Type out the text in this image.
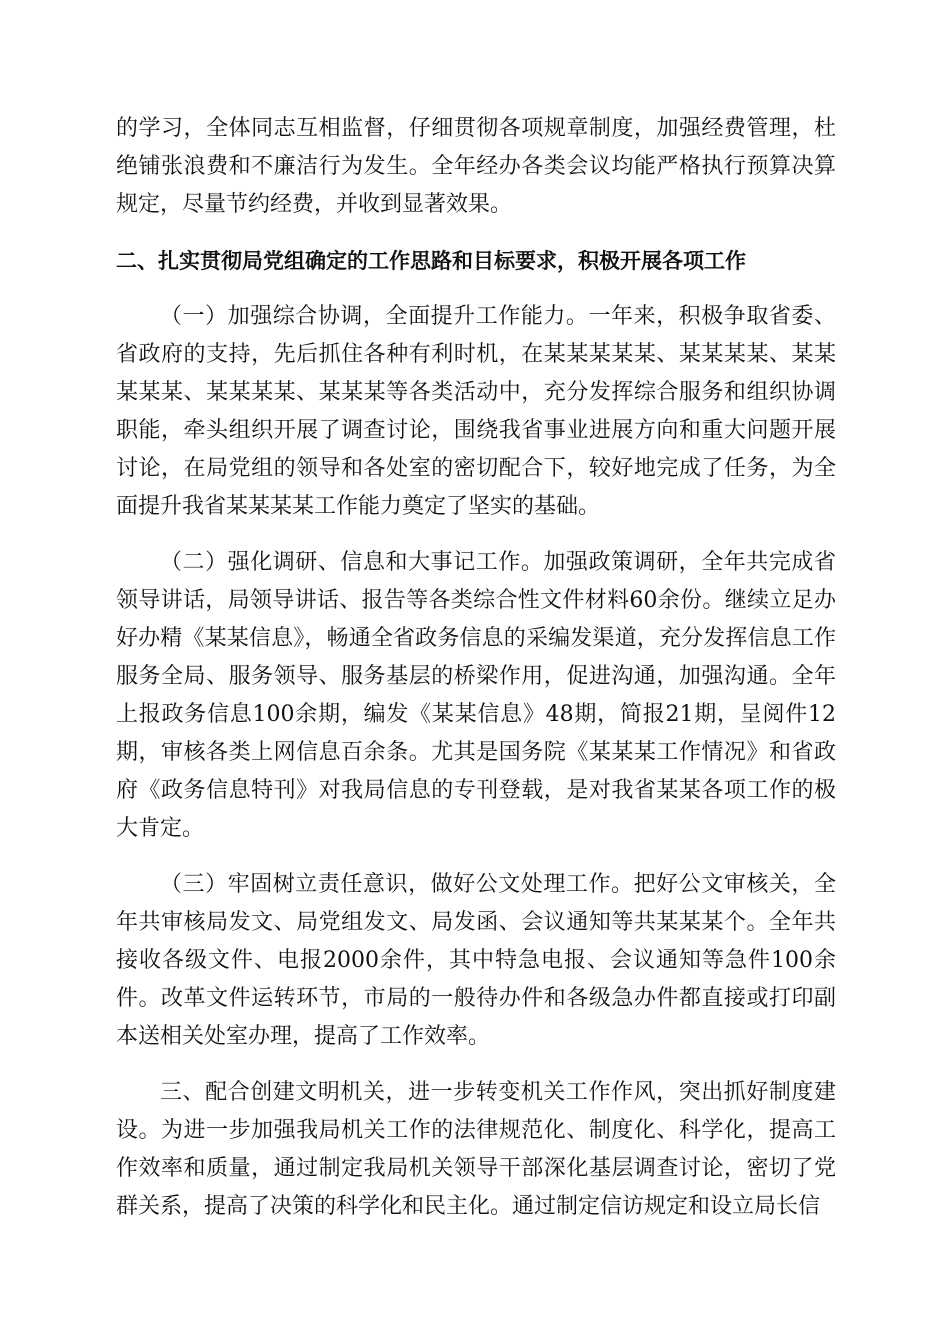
的学习，全体同志互相监督，仔细贯彻各项规章制度，加强经费管理，杜绝铺张浪费和不廉洁行为发生。全年经办各类会议均能严格执行预算决算规定，尽量节约经费，并收到显著效果。

二、扎实贯彻局党组确定的工作思路和目标要求，积极开展各项工作

（一）加强综合协调，全面提升工作能力。一年来，积极争取省委、省政府的支持，先后抓住各种有利时机，在某某某某某、某某某某、某某某某某、某某某某、某某某等各类活动中，充分发挥综合服务和组织协调职能，牵头组织开展了调查讨论，围绕我省事业进展方向和重大问题开展讨论，在局党组的领导和各处室的密切配合下，较好地完成了任务，为全面提升我省某某某某工作能力奠定了坚实的基础。

（二）强化调研、信息和大事记工作。加强政策调研，全年共完成省领导讲话，局领导讲话、报告等各类综合性文件材料60余份。继续立足办好办精《某某信息》，畅通全省政务信息的采编发渠道，充分发挥信息工作服务全局、服务领导、服务基层的桥梁作用，促进沟通，加强沟通。全年上报政务信息100余期，编发《某某信息》48期，简报21期，呈阅件12期，审核各类上网信息百余条。尤其是国务院《某某某工作情况》和省政府《政务信息特刊》对我局信息的专刊登载，是对我省某某各项工作的极大肯定。

（三）牢固树立责任意识，做好公文处理工作。把好公文审核关，全年共审核局发文、局党组发文、局发函、会议通知等共某某某个。全年共接收各级文件、电报2000余件，其中特急电报、会议通知等急件100余件。改革文件运转环节，市局的一般待办件和各级急办件都直接或打印副本送相关处室办理，提高了工作效率。

三、配合创建文明机关，进一步转变机关工作作风，突出抓好制度建设。为进一步加强我局机关工作的法律规范化、制度化、科学化，提高工作效率和质量，通过制定我局机关领导干部深化基层调查讨论，密切了党群关系，提高了决策的科学化和民主化。通过制定信访规定和设立局长信
